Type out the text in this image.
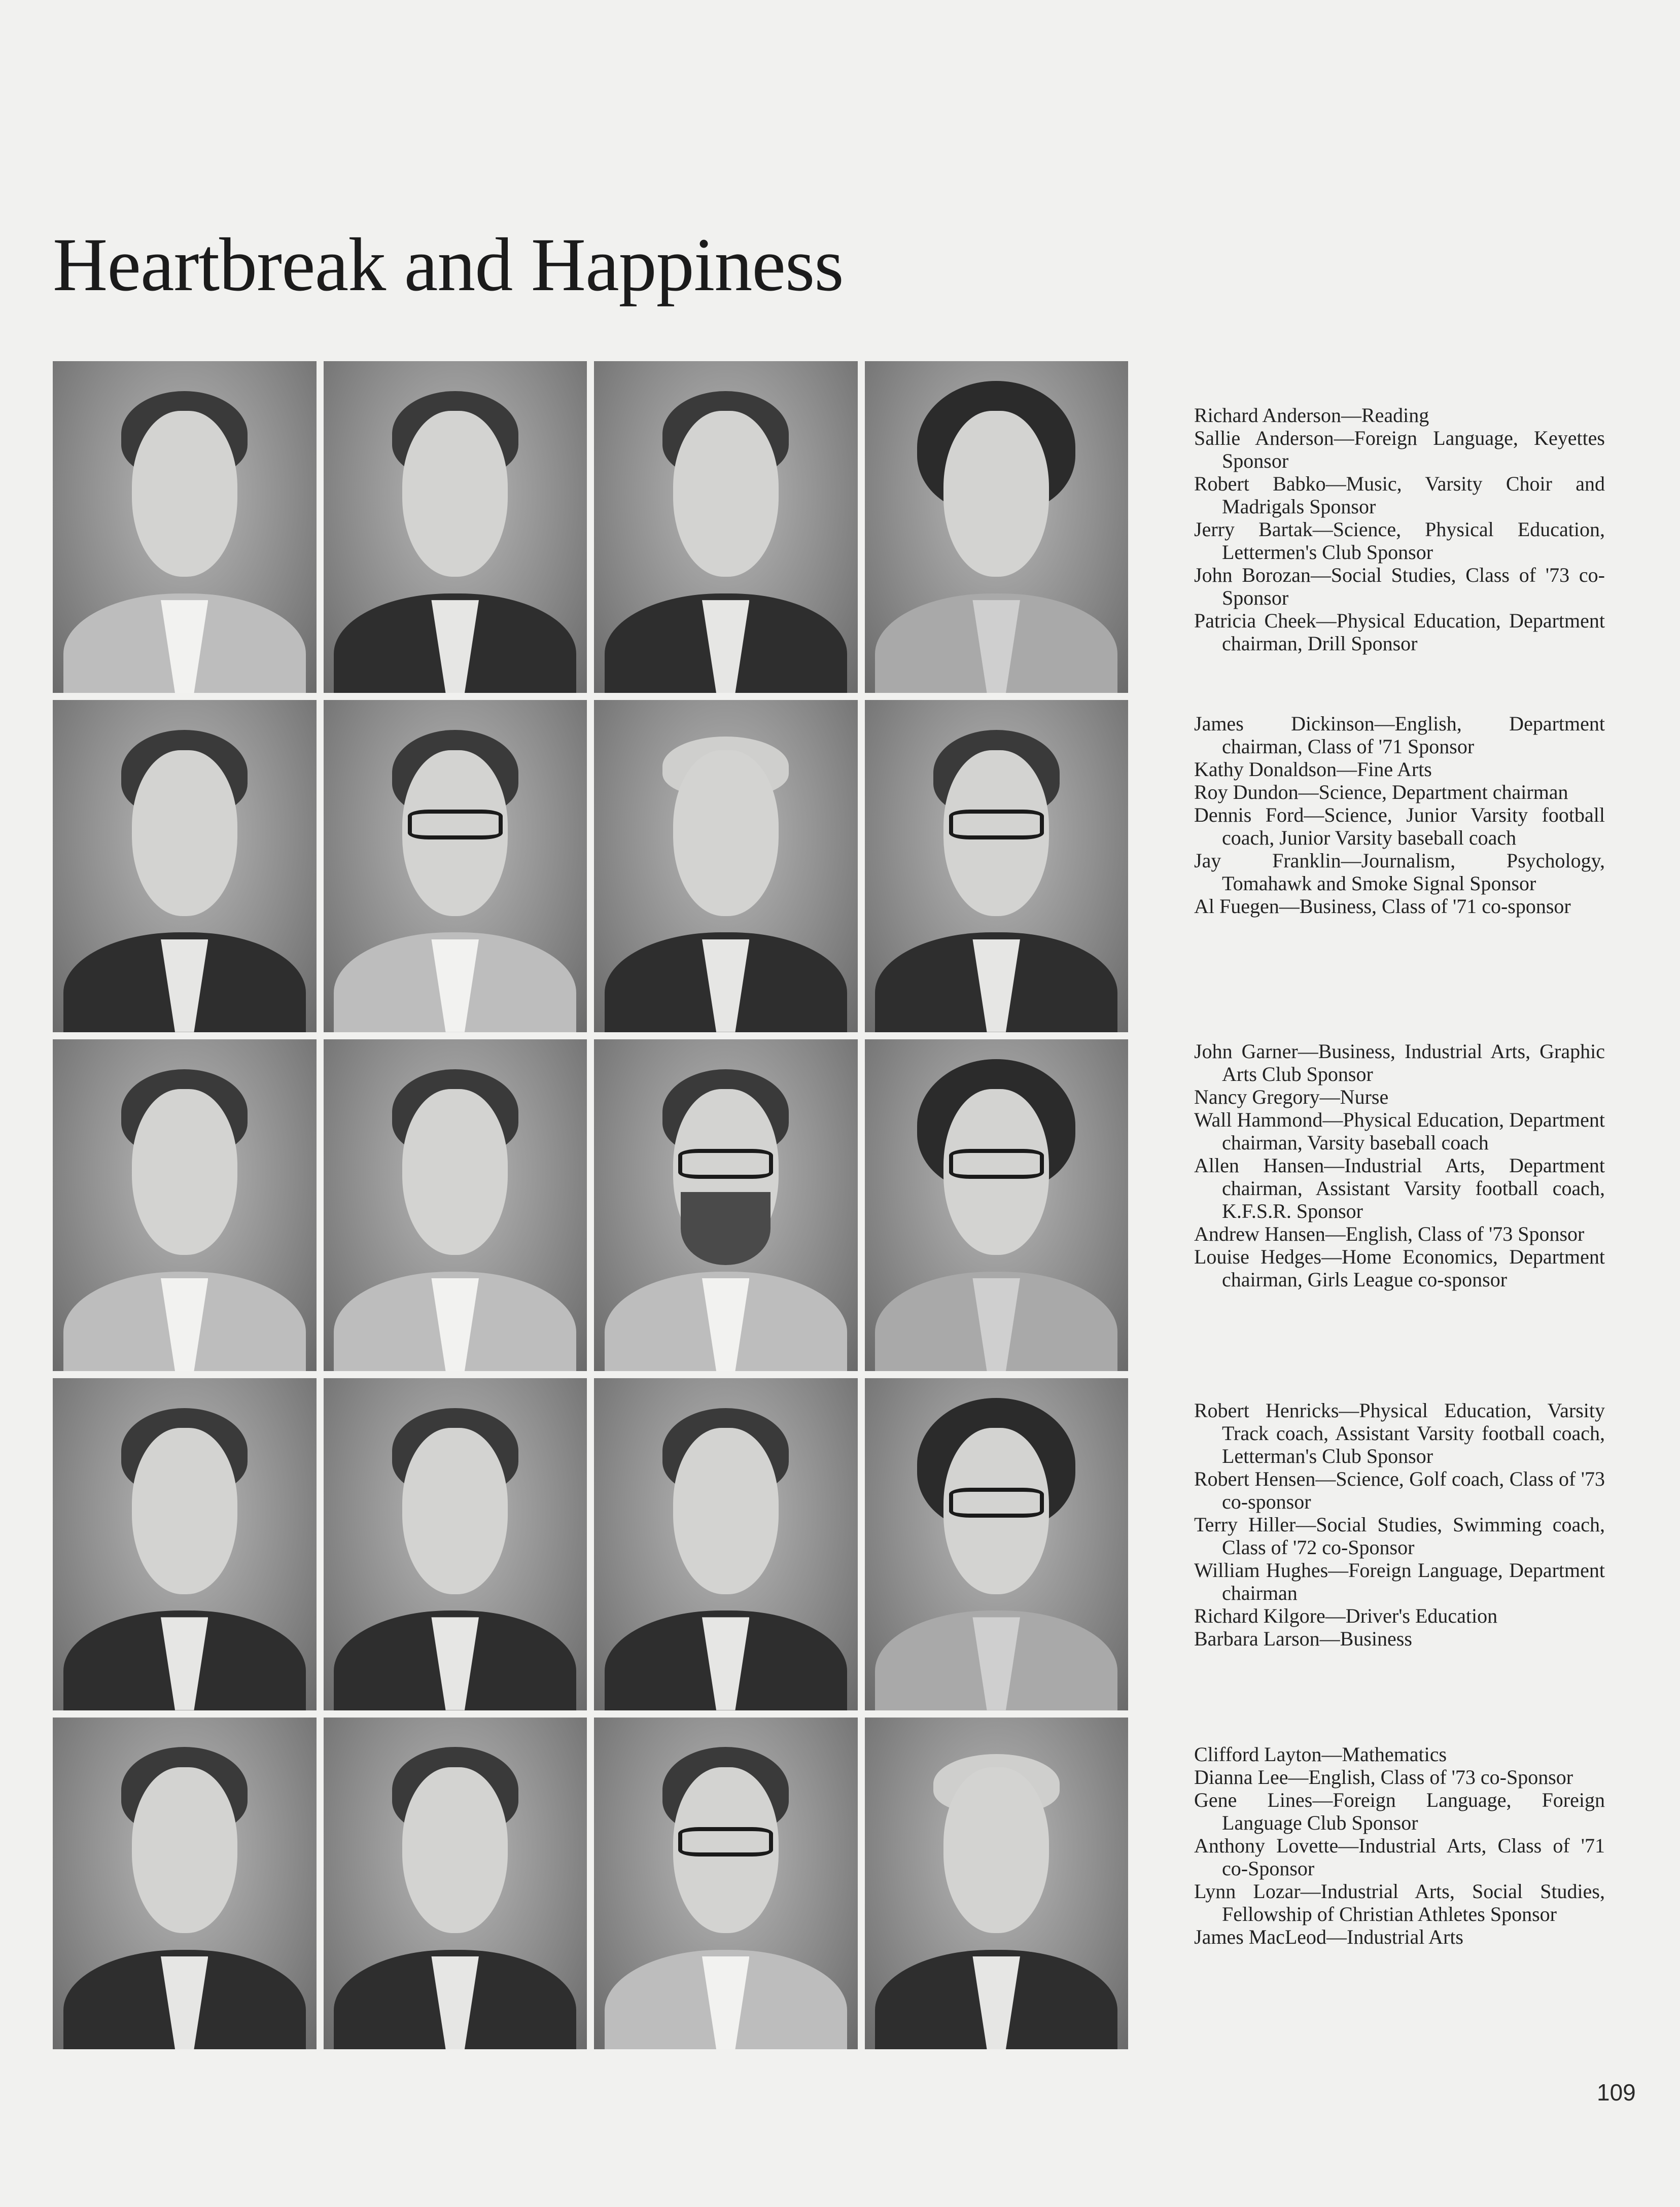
Heartbreak and Happiness

Richard Anderson—Reading

Sallie Anderson—Foreign Language, Keyettes Sponsor

Robert Babko—Music, Varsity Choir and Madrigals Sponsor

Jerry Bartak—Science, Physical Education, Lettermen's Club Sponsor

John Borozan—Social Studies, Class of '73 co-Sponsor

Patricia Cheek—Physical Education, Department chairman, Drill Sponsor

James Dickinson—English, Department chairman, Class of '71 Sponsor

Kathy Donaldson—Fine Arts

Roy Dundon—Science, Department chairman

Dennis Ford—Science, Junior Varsity football coach, Junior Varsity baseball coach

Jay Franklin—Journalism, Psychology, Tomahawk and Smoke Signal Sponsor

Al Fuegen—Business, Class of '71 co-sponsor

John Garner—Business, Industrial Arts, Graphic Arts Club Sponsor

Nancy Gregory—Nurse

Wall Hammond—Physical Education, Department chairman, Varsity baseball coach

Allen Hansen—Industrial Arts, Department chairman, Assistant Varsity football coach, K.F.S.R. Sponsor

Andrew Hansen—English, Class of '73 Sponsor

Louise Hedges—Home Economics, Department chairman, Girls League co-sponsor

Robert Henricks—Physical Education, Varsity Track coach, Assistant Varsity football coach, Letterman's Club Sponsor

Robert Hensen—Science, Golf coach, Class of '73 co-sponsor

Terry Hiller—Social Studies, Swimming coach, Class of '72 co-Sponsor

William Hughes—Foreign Language, Department chairman

Richard Kilgore—Driver's Education

Barbara Larson—Business

Clifford Layton—Mathematics

Dianna Lee—English, Class of '73 co-Sponsor

Gene Lines—Foreign Language, Foreign Language Club Sponsor

Anthony Lovette—Industrial Arts, Class of '71 co-Sponsor

Lynn Lozar—Industrial Arts, Social Studies, Fellowship of Christian Athletes Sponsor

James MacLeod—Industrial Arts

109
